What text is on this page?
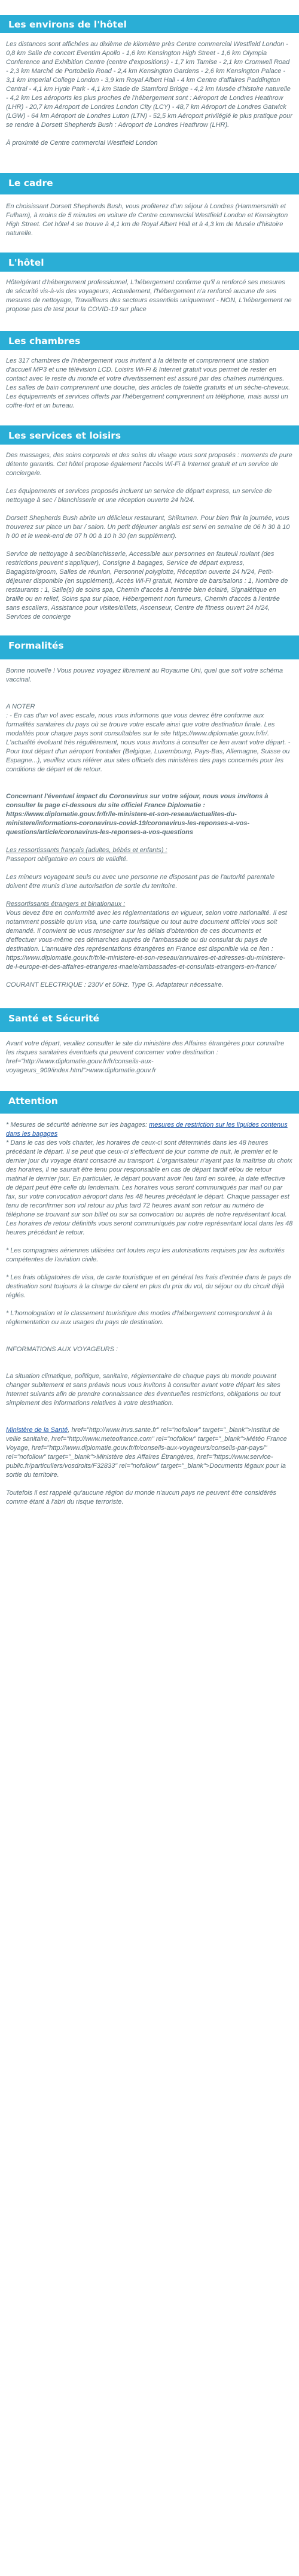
Les environs de l'hôtel

Les distances sont affichées au dixième de kilomètre près Centre commercial Westfield London - 0,8 km Salle de concert Eventim Apollo - 1,6 km Kensington High Street - 1,6 km Olympia Conference and Exhibition Centre (centre d'expositions) - 1,7 km Tamise - 2,1 km Cromwell Road - 2,3 km Marché de Portobello Road - 2,4 km Kensington Gardens - 2,6 km Kensington Palace - 3,1 km Imperial College London - 3,9 km Royal Albert Hall - 4 km Centre d'affaires Paddington Central - 4,1 km Hyde Park - 4,1 km Stade de Stamford Bridge - 4,2 km Musée d'histoire naturelle - 4,2 km Les aéroports les plus proches de l'hébergement sont : Aéroport de Londres Heathrow (LHR) - 20,7 km Aéroport de Londres London City (LCY) - 48,7 km Aéroport de Londres Gatwick (LGW) - 64 km Aéroport de Londres Luton (LTN) - 52,5 km Aéroport privilégié le plus pratique pour se rendre à Dorsett Shepherds Bush : Aéroport de Londres Heathrow (LHR).

À proximité de Centre commercial Westfield London

Le cadre

En choisissant Dorsett Shepherds Bush, vous profiterez d'un séjour à Londres (Hammersmith et Fulham), à moins de 5 minutes en voiture de Centre commercial Westfield London et Kensington High Street. Cet hôtel 4 se trouve à 4,1 km de Royal Albert Hall et à 4,3 km de Musée d'histoire naturelle.

L'hôtel

Hôte/gérant d'hébergement professionnel, L'hébergement confirme qu'il a renforcé ses mesures de sécurité vis-à-vis des voyageurs, Actuellement, l'hébergement n'a renforcé aucune de ses mesures de nettoyage, Travailleurs des secteurs essentiels uniquement - NON, L'hébergement ne propose pas de test pour la COVID-19 sur place

Les chambres

Les 317 chambres de l'hébergement vous invitent à la détente et comprennent une station d'accueil MP3 et une télévision LCD. Loisirs Wi-Fi & Internet gratuit vous permet de rester en contact avec le reste du monde et votre divertissement est assuré par des chaînes numériques. Les salles de bain comprennent une douche, des articles de toilette gratuits et un sèche-cheveux. Les équipements et services offerts par l'hébergement comprennent un téléphone, mais aussi un coffre-fort et un bureau.

Les services et loisirs

Des massages, des soins corporels et des soins du visage vous sont proposés : moments de pure détente garantis. Cet hôtel propose également l'accès Wi-Fi à Internet gratuit et un service de concierge/e.

Les équipements et services proposés incluent un service de départ express, un service de nettoyage à sec / blanchisserie et une réception ouverte 24 h/24.

Dorsett Shepherds Bush abrite un délicieux restaurant, Shikumen. Pour bien finir la journée, vous trouverez sur place un bar / salon. Un petit déjeuner anglais est servi en semaine de 06 h 30 à 10 h 00 et le week-end de 07 h 00 à 10 h 30 (en supplément).

Service de nettoyage à sec/blanchisserie, Accessible aux personnes en fauteuil roulant (des restrictions peuvent s'appliquer), Consigne à bagages, Service de départ express, Bagagiste/groom, Salles de réunion, Personnel polyglotte, Réception ouverte 24 h/24, Petit-déjeuner disponible (en supplément), Accès Wi-Fi gratuit, Nombre de bars/salons : 1, Nombre de restaurants : 1, Salle(s) de soins spa, Chemin d'accès à l'entrée bien éclairé, Signalétique en braille ou en relief, Soins spa sur place, Hébergement non fumeurs, Chemin d'accès à l'entrée sans escaliers, Assistance pour visites/billets, Ascenseur, Centre de fitness ouvert 24 h/24, Services de concierge

Formalités

Bonne nouvelle ! Vous pouvez voyagez librement au Royaume Uni, quel que soit votre schéma vaccinal.

A NOTER

: - En cas d'un vol avec escale, nous vous informons que vous devrez être conforme aux formalités sanitaires du pays où se trouve votre escale ainsi que votre destination finale. Les modalités pour chaque pays sont consultables sur le site https://www.diplomatie.gouv.fr/fr/. L'actualité évoluant très régulièrement, nous vous invitons à consulter ce lien avant votre départ. - Pour tout départ d'un aéroport frontalier (Belgique, Luxembourg, Pays-Bas, Allemagne, Suisse ou Espagne...), veuillez vous référer aux sites officiels des ministères des pays concernés pour les conditions de départ et de retour.

Concernant l'éventuel impact du Coronavirus sur votre séjour, nous vous invitons à consulter la page ci-dessous du site officiel France Diplomatie : https://www.diplomatie.gouv.fr/fr/le-ministere-et-son-reseau/actualites-du-ministere/informations-coronavirus-covid-19/coronavirus-les-reponses-a-vos-questions/article/coronavirus-les-reponses-a-vos-questions

Les ressortissants français (adultes, bébés et enfants) :

Passeport obligatoire en cours de validité.

Les mineurs voyageant seuls ou avec une personne ne disposant pas de l'autorité parentale doivent être munis d'une autorisation de sortie du territoire.

Ressortissants étrangers et binationaux :

Vous devez être en conformité avec les réglementations en vigueur, selon votre nationalité. Il est notamment possible qu'un visa, une carte touristique ou tout autre document officiel vous soit demandé. Il convient de vous renseigner sur les délais d'obtention de ces documents et d'effectuer vous-même ces démarches auprès de l'ambassade ou du consulat du pays de destination. L'annuaire des représentations étrangères en France est disponible via ce lien : https://www.diplomatie.gouv.fr/fr/le-ministere-et-son-reseau/annuaires-et-adresses-du-ministere-de-l-europe-et-des-affaires-etrangeres-maeie/ambassades-et-consulats-etrangers-en-france/

COURANT ELECTRIQUE : 230V et 50Hz. Type G. Adaptateur nécessaire.

Santé et Sécurité

Avant votre départ, veuillez consulter le site du ministère des Affaires étrangères pour connaître les risques sanitaires éventuels qui peuvent concerner votre destination : href="http://www.diplomatie.gouv.fr/fr/conseils-aux-voyageurs_909/index.html">www.diplomatie.gouv.fr

Attention

* Mesures de sécurité aérienne sur les bagages: mesures de restriction sur les liquides contenus dans les bagages

* Dans le cas des vols charter, les horaires de ceux-ci sont déterminés dans les 48 heures précédant le départ. Il se peut que ceux-ci s'effectuent de jour comme de nuit, le premier et le dernier jour du voyage étant consacré au transport. L'organisateur n'ayant pas la maîtrise du choix des horaires, il ne saurait être tenu pour responsable en cas de départ tardif et/ou de retour matinal le dernier jour. En particulier, le départ pouvant avoir lieu tard en soirée, la date effective de départ peut être celle du lendemain. Les horaires vous seront communiqués par mail ou par fax, sur votre convocation aéroport dans les 48 heures précédant le départ. Chaque passager est tenu de reconfirmer son vol retour au plus tard 72 heures avant son retour au numéro de téléphone se trouvant sur son billet ou sur sa convocation ou auprès de notre représentant local. Les horaires de retour définitifs vous seront communiqués par notre représentant local dans les 48 heures précédant le retour.

* Les compagnies aériennes utilisées ont toutes reçu les autorisations requises par les autorités compétentes de l'aviation civile.

* Les frais obligatoires de visa, de carte touristique et en général les frais d'entrée dans le pays de destination sont toujours à la charge du client en plus du prix du vol, du séjour ou du circuit déjà réglés.

* L'homologation et le classement touristique des modes d'hébergement correspondent à la réglementation ou aux usages du pays de destination.

INFORMATIONS AUX VOYAGEURS :

La situation climatique, politique, sanitaire, réglementaire de chaque pays du monde pouvant changer subitement et sans préavis nous vous invitons à consulter avant votre départ les sites Internet suivants afin de prendre connaissance des éventuelles restrictions, obligations ou tout simplement des informations relatives à votre destination.

Ministère de la Santé, href="http://www.invs.sante.fr" rel="nofollow" target="_blank">Institut de veille sanitaire, href="http://www.meteofrance.com" rel="nofollow" target="_blank">Météo France Voyage, href="http://www.diplomatie.gouv.fr/fr/conseils-aux-voyageurs/conseils-par-pays/" rel="nofollow" target="_blank">Ministère des Affaires Étrangères, href="https://www.service-public.fr/particuliers/vosdroits/F32833" rel="nofollow" target="_blank">Documents légaux pour la sortie du territoire.

Toutefois il est rappelé qu'aucune région du monde n'aucun pays ne peuvent être considérés comme étant à l'abri du risque terroriste.
